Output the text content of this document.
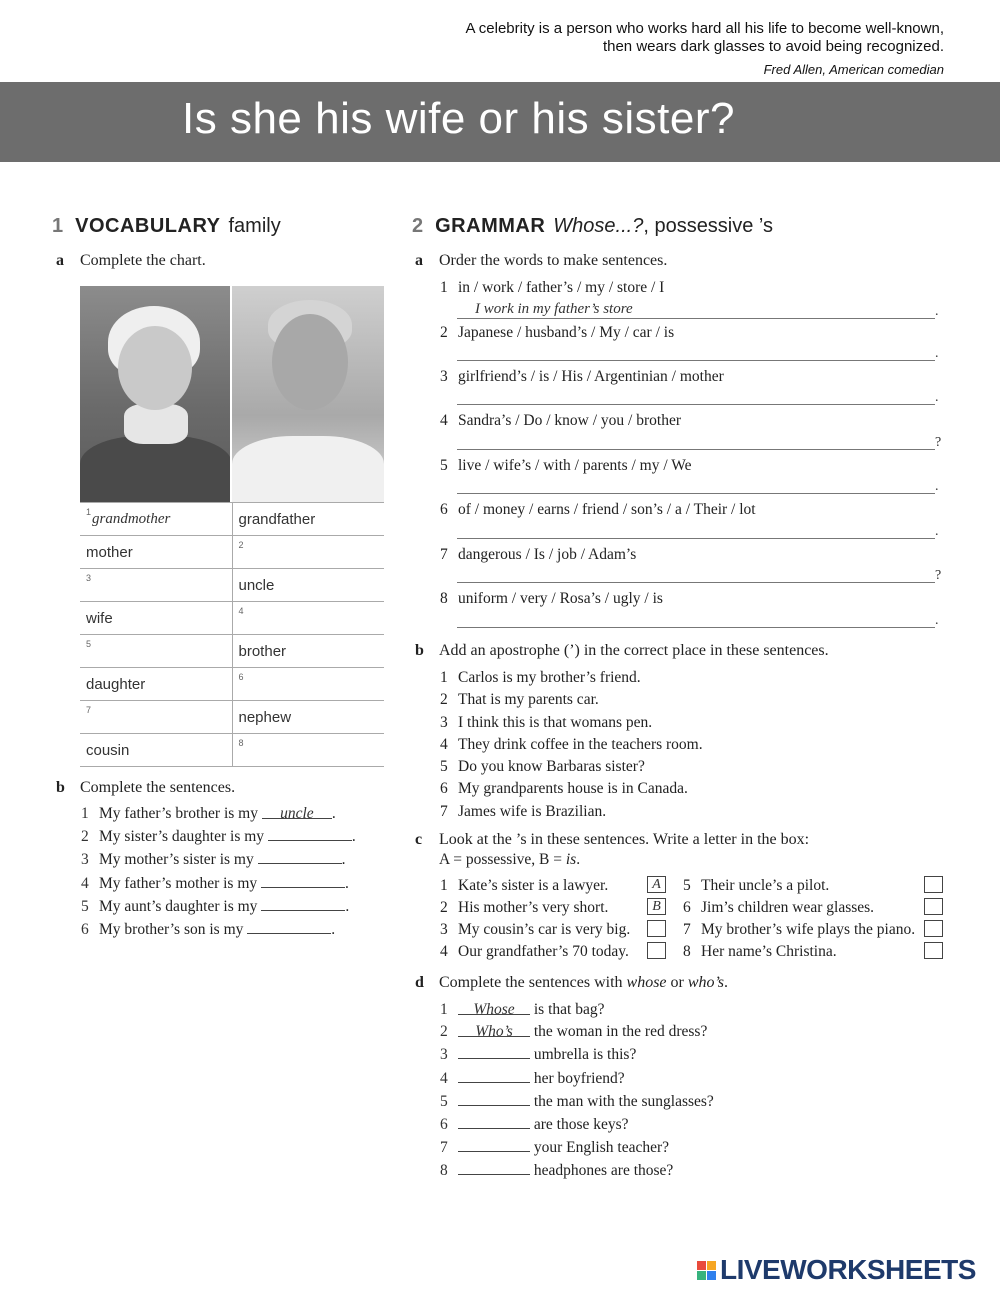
A celebrity is a person who works hard all his life to become well-known,
then wears dark glasses to avoid being recognized.
Fred Allen, American comedian
Is she his wife or his sister?
1 VOCABULARY family
a Complete the chart.
1 grandmother	grandfather
mother	2

3	uncle
wife	4

5	brother
daughter	6

7	nephew
cousin	8
b Complete the sentences.
1 My father’s brother is my uncle .
2 My sister’s daughter is my	.
3 My mother’s sister is my	.
4 My father’s mother is my	.
5 My aunt’s daughter is my	.
6 My brother’s son is my	.
2 GRAMMAR Whose...?, possessive ’s
a Order the words to make sentences.
1 in / work / father’s / my / store / I
I work in my father’s store	.
2 Japanese / husband’s / My / car / is
.
3 girlfriend’s / is / His / Argentinian / mother
.
4 Sandra’s / Do / know / you / brother
?
5 live / wife’s / with / parents / my / We
.
6 of / money / earns / friend / son’s / a / Their / lot
.
7 dangerous / Is / job / Adam’s
?
8 uniform / very / Rosa’s / ugly / is
.
b Add an apostrophe (’) in the correct place in these sentences.
1 Carlos is my brother’s friend.
2 That is my parents car.
3 I think this is that womans pen.
4 They drink coffee in the teachers room.
5 Do you know Barbaras sister?
6 My grandparents house is in Canada.
7 James wife is Brazilian.
c Look at the ’s in these sentences. Write a letter in the box:
A = possessive, B = is.
1 Kate’s sister is a lawyer.	A
2 His mother’s very short.	B
3 My cousin’s car is very big.
4 Our grandfather’s 70 today.
5 Their uncle’s a pilot.
6 Jim’s children wear glasses.
7 My brother’s wife plays the piano.
8 Her name’s Christina.
d Complete the sentences with whose or who’s.
1 Whose is that bag?
2 Who’s the woman in the red dress?
3	umbrella is this?
4	her boyfriend?
5	the man with the sunglasses?
6	are those keys?
7	your English teacher?
8	headphones are those?
LIVEWORKSHEETS
